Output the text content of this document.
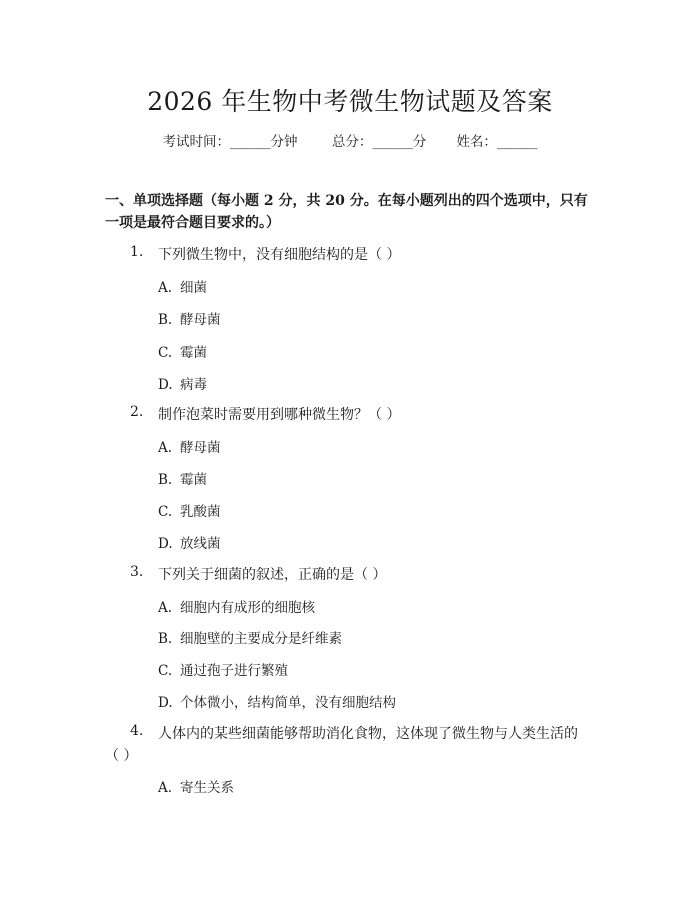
2026 年生物中考微生物试题及答案
考试时间：______分钟	总分：______分 姓名：______
一、单项选择题（每小题 2 分，共 20 分。在每小题列出的四个选项中，只有一项是最符合题目要求的。）

1.

下列微生物中，没有细胞结构的是（ ）

A. 细菌
B. 酵母菌
C. 霉菌
D. 病毒

2.

制作泡菜时需要用到哪种微生物？（ ）

A. 酵母菌
B. 霉菌
C. 乳酸菌
D. 放线菌

3.

下列关于细菌的叙述，正确的是（ ）

A. 细胞内有成形的细胞核
B. 细胞壁的主要成分是纤维素
C. 通过孢子进行繁殖
D. 个体微小，结构简单，没有细胞结构

4.

人体内的某些细菌能够帮助消化食物，这体现了微生物与人类生活的

（ ）
A. 寄生关系
